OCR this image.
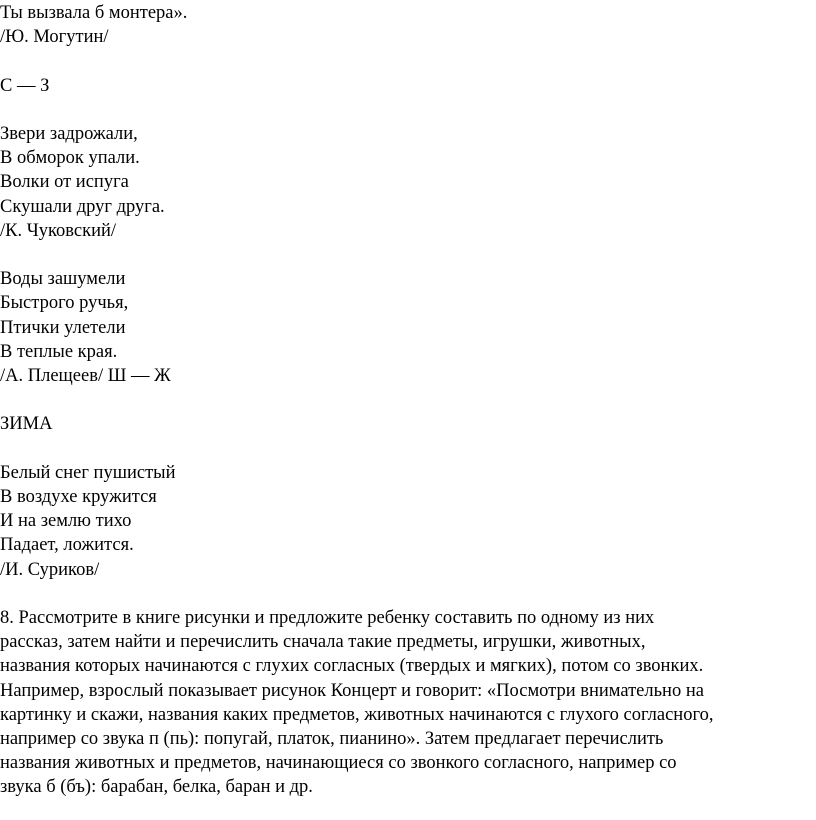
Ты вызвала б монтера».
/Ю. Могутин/
С — З
Звери задрожали,
В обморок упали.
Волки от испуга
Скушали друг друга.
/К. Чуковский/
Воды зашумели
Быстрого ручья,
Птички улетели
В теплые края.
/А. Плещеев/ Ш — Ж
ЗИМА
Белый снег пушистый
В воздухе кружится
И на землю тихо
Падает, ложится.
/И. Суриков/
8. Рассмотрите в книге рисунки и предложите ребенку составить по одному из них
рассказ, затем найти и перечислить сначала такие предметы, игрушки, животных,
названия которых начинаются с глухих согласных (твердых и мягких), потом со звонких.
Например, взрослый показывает рисунок Концерт и говорит: «Посмотри внимательно на
картинку и скажи, названия каких предметов, животных начинаются с глухого согласного,
например со звука п (пь): попугай, платок, пианино». Затем предлагает перечислить
названия животных и предметов, начинающиеся со звонкого согласного, например со
звука б (бъ): барабан, белка, баран и др.
